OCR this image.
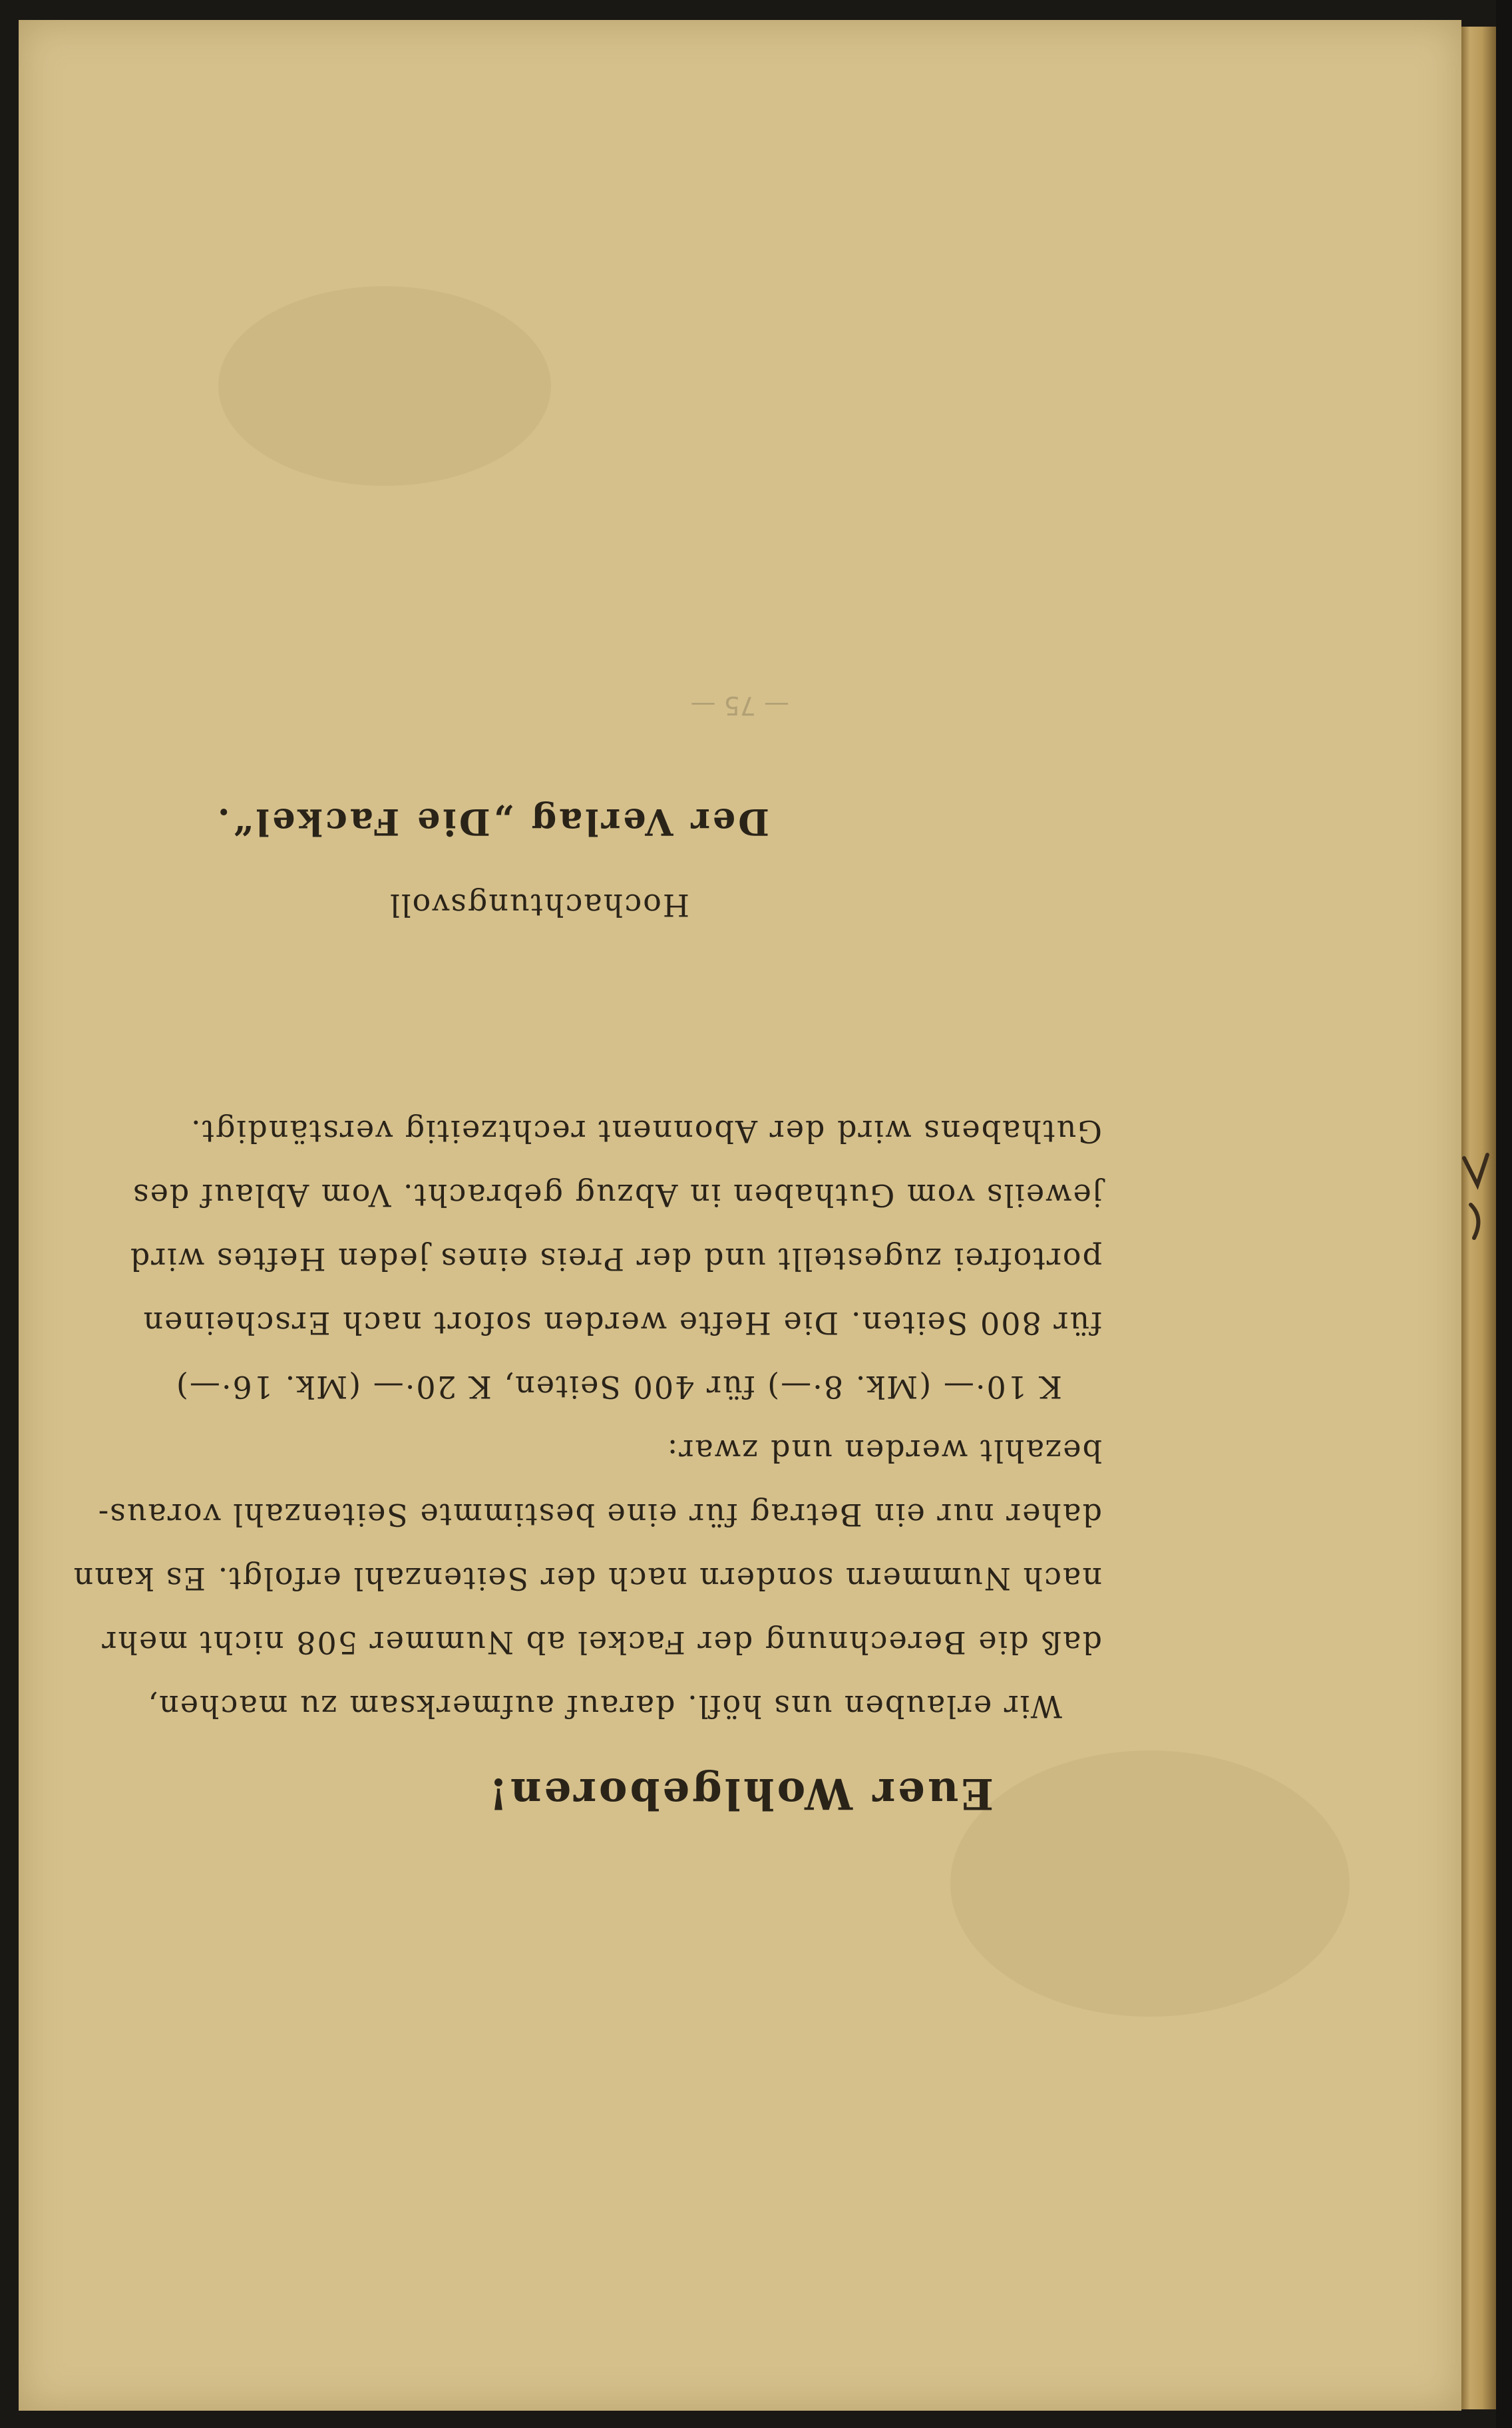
Euer Wohlgeboren!
Wir erlauben uns höfl. darauf aufmerksam zu machen,
daß die Berechnung der Fackel ab Nummer 508 nicht mehr
nach Nummern sondern nach der Seitenzahl erfolgt. Es kann
daher nur ein Betrag für eine bestimmte Seitenzahl voraus-
bezahlt werden und zwar:
K 10·— (Mk. 8·—) für 400 Seiten, K 20·— (Mk. 16·—)
für 800 Seiten. Die Hefte werden sofort nach Erscheinen
portofrei zugestellt und der Preis eines jeden Heftes wird
jeweils vom Guthaben in Abzug gebracht. Vom Ablauf des
Guthabens wird der Abonnent rechtzeitig verständigt.
Hochachtungsvoll
Der Verlag „Die Fackel“.
— 75 —
